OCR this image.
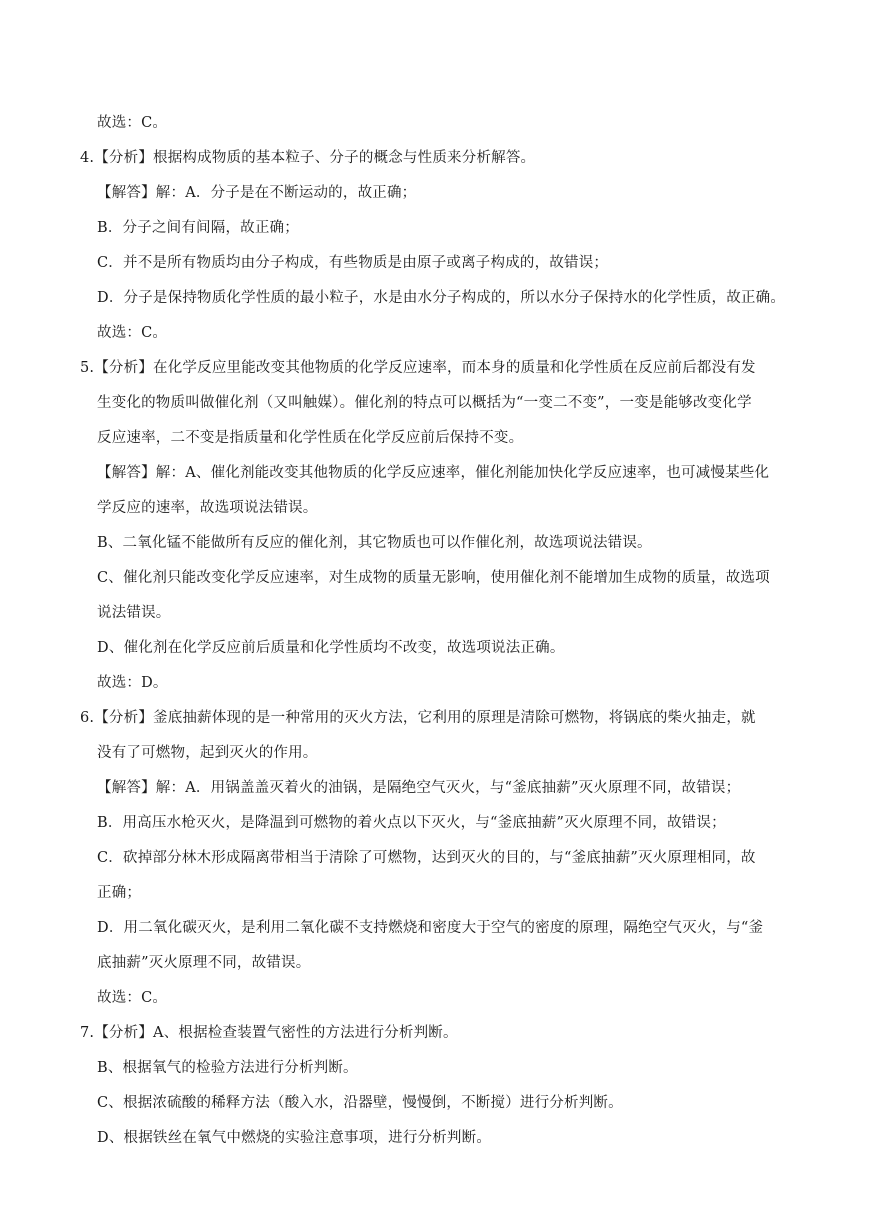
故选：C。
4.【分析】根据构成物质的基本粒子、分子的概念与性质来分析解答。
【解答】解：A．分子是在不断运动的，故正确；
B．分子之间有间隔，故正确；
C．并不是所有物质均由分子构成，有些物质是由原子或离子构成的，故错误；
D．分子是保持物质化学性质的最小粒子，水是由水分子构成的，所以水分子保持水的化学性质，故正确。
故选：C。
5.【分析】在化学反应里能改变其他物质的化学反应速率，而本身的质量和化学性质在反应前后都没有发
生变化的物质叫做催化剂（又叫触媒）。催化剂的特点可以概括为“一变二不变”，一变是能够改变化学
反应速率，二不变是指质量和化学性质在化学反应前后保持不变。
【解答】解：A、催化剂能改变其他物质的化学反应速率，催化剂能加快化学反应速率，也可减慢某些化
学反应的速率，故选项说法错误。
B、二氧化锰不能做所有反应的催化剂，其它物质也可以作催化剂，故选项说法错误。
C、催化剂只能改变化学反应速率，对生成物的质量无影响，使用催化剂不能增加生成物的质量，故选项
说法错误。
D、催化剂在化学反应前后质量和化学性质均不改变，故选项说法正确。
故选：D。
6.【分析】釜底抽薪体现的是一种常用的灭火方法，它利用的原理是清除可燃物，将锅底的柴火抽走，就
没有了可燃物，起到灭火的作用。
【解答】解：A．用锅盖盖灭着火的油锅，是隔绝空气灭火，与“釜底抽薪”灭火原理不同，故错误；
B．用高压水枪灭火，是降温到可燃物的着火点以下灭火，与“釜底抽薪”灭火原理不同，故错误；
C．砍掉部分林木形成隔离带相当于清除了可燃物，达到灭火的目的，与“釜底抽薪”灭火原理相同，故
正确；
D．用二氧化碳灭火，是利用二氧化碳不支持燃烧和密度大于空气的密度的原理，隔绝空气灭火，与“釜
底抽薪”灭火原理不同，故错误。
故选：C。
7.【分析】A、根据检查装置气密性的方法进行分析判断。
B、根据氧气的检验方法进行分析判断。
C、根据浓硫酸的稀释方法（酸入水，沿器壁，慢慢倒，不断搅）进行分析判断。
D、根据铁丝在氧气中燃烧的实验注意事项，进行分析判断。
